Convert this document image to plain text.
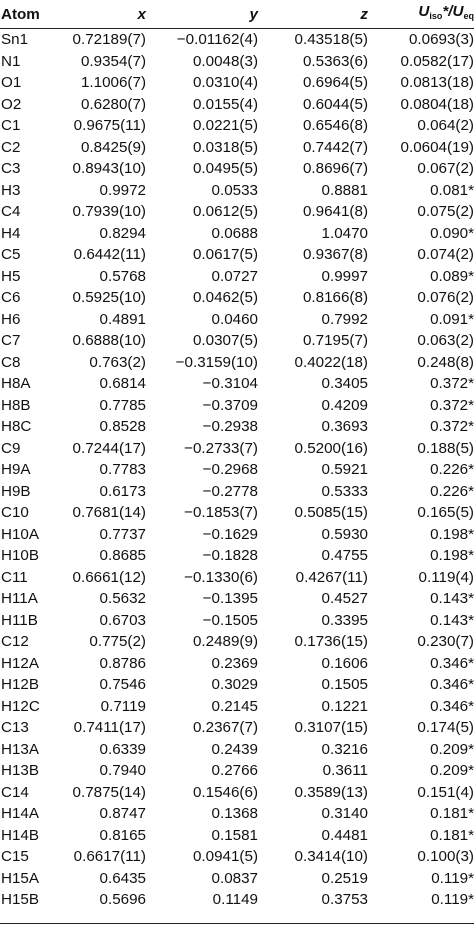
Atom	x	y	z	$U_{iso}*/U_{eq}$
Sn1	0.72189(7)	−0.01162(4)	0.43518(5)	0.0693(3)
N1	0.9354(7)	0.0048(3)	0.5363(6)	0.0582(17)
O1	1.1006(7)	0.0310(4)	0.6964(5)	0.0813(18)
O2	0.6280(7)	0.0155(4)	0.6044(5)	0.0804(18)
C1	0.9675(11)	0.0221(5)	0.6546(8)	0.064(2)
C2	0.8425(9)	0.0318(5)	0.7442(7)	0.0604(19)
C3	0.8943(10)	0.0495(5)	0.8696(7)	0.067(2)
H3	0.9972	0.0533	0.8881	0.081*
C4	0.7939(10)	0.0612(5)	0.9641(8)	0.075(2)
H4	0.8294	0.0688	1.0470	0.090*
C5	0.6442(11)	0.0617(5)	0.9367(8)	0.074(2)
H5	0.5768	0.0727	0.9997	0.089*
C6	0.5925(10)	0.0462(5)	0.8166(8)	0.076(2)
H6	0.4891	0.0460	0.7992	0.091*
C7	0.6888(10)	0.0307(5)	0.7195(7)	0.063(2)
C8	0.763(2)	−0.3159(10)	0.4022(18)	0.248(8)
H8A	0.6814	−0.3104	0.3405	0.372*
H8B	0.7785	−0.3709	0.4209	0.372*
H8C	0.8528	−0.2938	0.3693	0.372*
C9	0.7244(17)	−0.2733(7)	0.5200(16)	0.188(5)
H9A	0.7783	−0.2968	0.5921	0.226*
H9B	0.6173	−0.2778	0.5333	0.226*
C10	0.7681(14)	−0.1853(7)	0.5085(15)	0.165(5)
H10A	0.7737	−0.1629	0.5930	0.198*
H10B	0.8685	−0.1828	0.4755	0.198*
C11	0.6661(12)	−0.1330(6)	0.4267(11)	0.119(4)
H11A	0.5632	−0.1395	0.4527	0.143*
H11B	0.6703	−0.1505	0.3395	0.143*
C12	0.775(2)	0.2489(9)	0.1736(15)	0.230(7)
H12A	0.8786	0.2369	0.1606	0.346*
H12B	0.7546	0.3029	0.1505	0.346*
H12C	0.7119	0.2145	0.1221	0.346*
C13	0.7411(17)	0.2367(7)	0.3107(15)	0.174(5)
H13A	0.6339	0.2439	0.3216	0.209*
H13B	0.7940	0.2766	0.3611	0.209*
C14	0.7875(14)	0.1546(6)	0.3589(13)	0.151(4)
H14A	0.8747	0.1368	0.3140	0.181*
H14B	0.8165	0.1581	0.4481	0.181*
C15	0.6617(11)	0.0941(5)	0.3414(10)	0.100(3)
H15A	0.6435	0.0837	0.2519	0.119*
H15B	0.5696	0.1149	0.3753	0.119*
